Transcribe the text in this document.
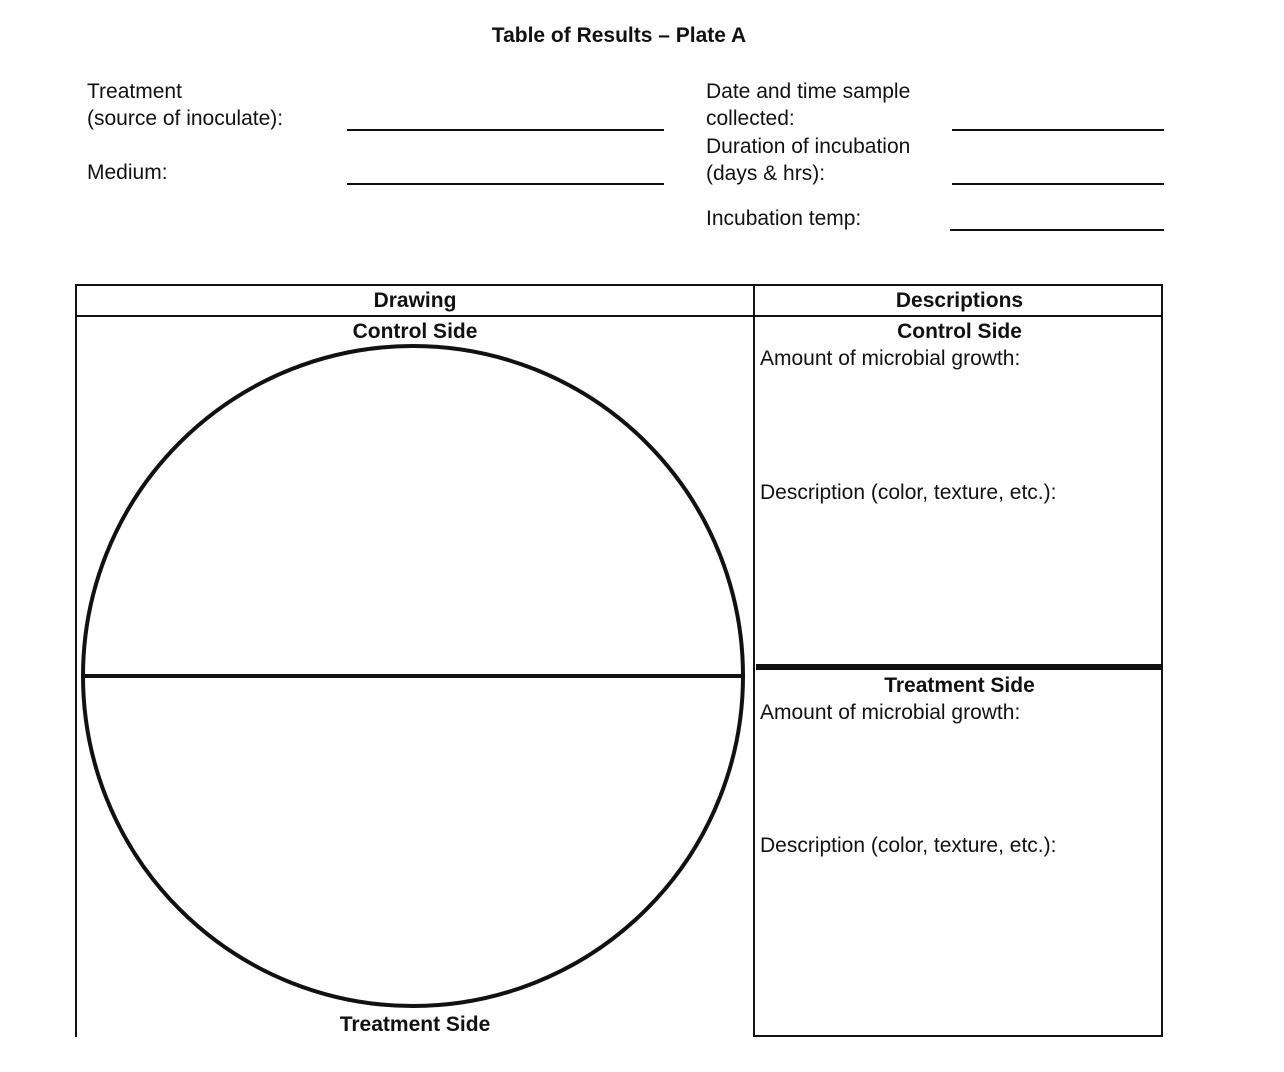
Table of Results – Plate A
Treatment
(source of inoculate):
Medium:
Date and time sample
collected:
Duration of incubation
(days & hrs):
Incubation temp:
Drawing	Descriptions
Control Side
Treatment Side
Control Side
Amount of microbial growth:
Description (color, texture, etc.):
Treatment Side
Amount of microbial growth:
Description (color, texture, etc.):
